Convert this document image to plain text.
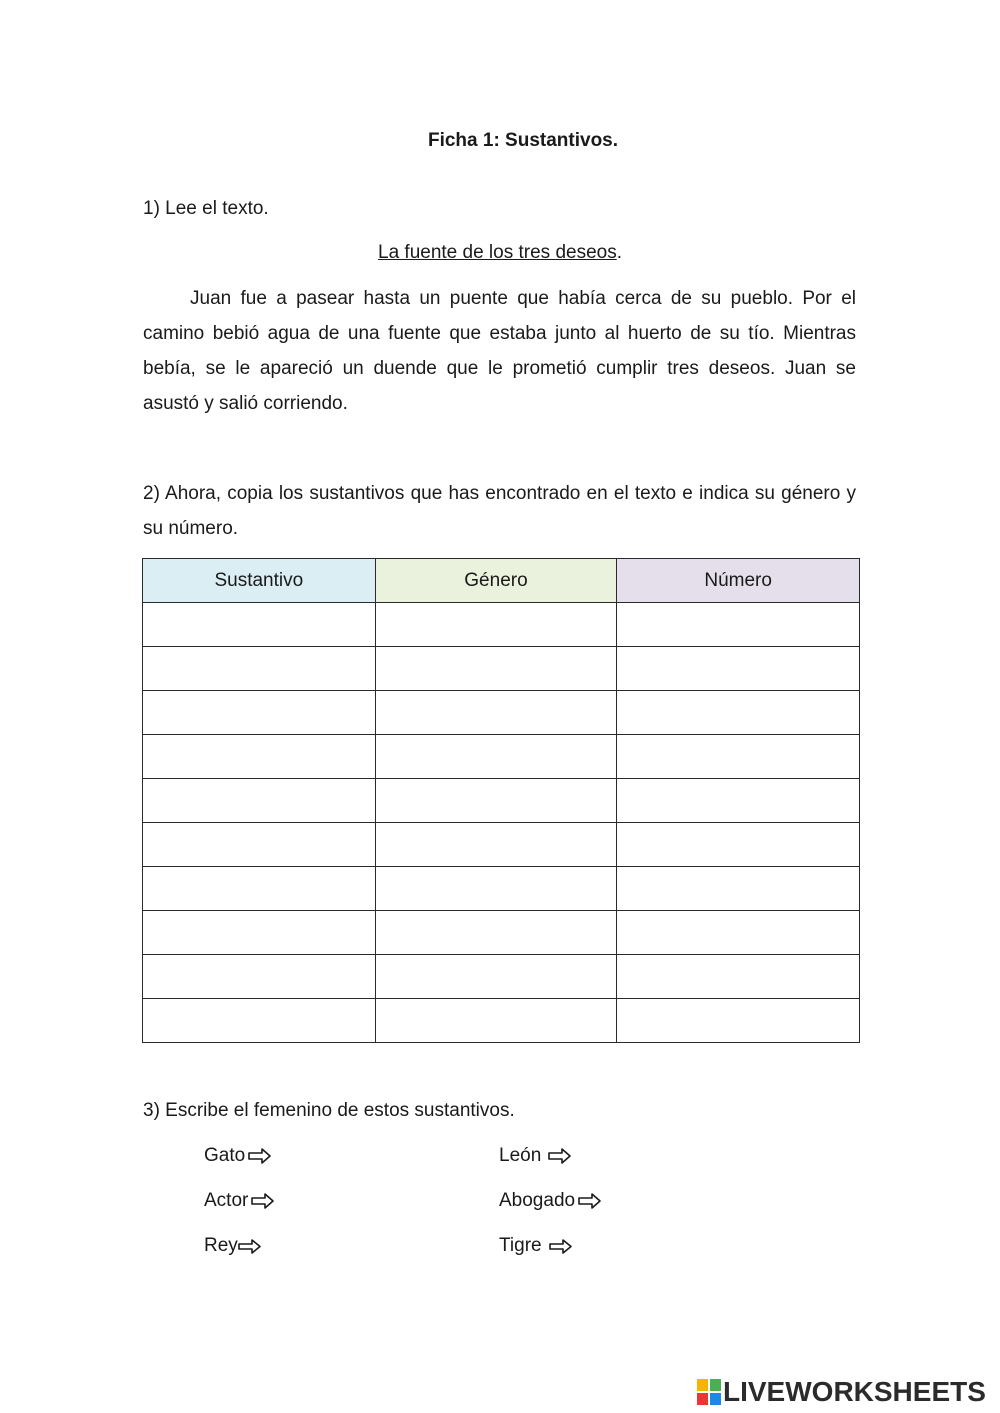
Ficha 1: Sustantivos.
1) Lee el texto.
La fuente de los tres deseos.
Juan fue a pasear hasta un puente que había cerca de su pueblo. Por el camino bebió agua de una fuente que estaba junto al huerto de su tío. Mientras bebía, se le apareció un duende que le prometió cumplir tres deseos. Juan se asustó y salió corriendo.
2) Ahora, copia los sustantivos que has encontrado en el texto e indica su género y su número.
Sustantivo	Género	Número

3) Escribe el femenino de estos sustantivos.
Gato	León
Actor	Abogado
Rey	Tigre
LIVEWORKSHEETS
